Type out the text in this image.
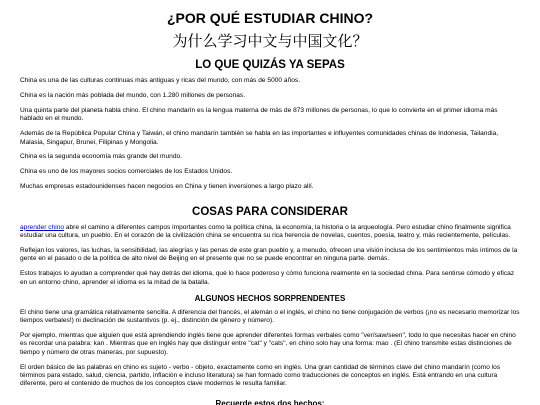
¿POR QUÉ ESTUDIAR CHINO?
为什么学习中文与中国文化？
LO QUE QUIZÁS YA SEPAS

China es una de las culturas continuas más antiguas y ricas del mundo, con más de 5000 años.

China es la nación más poblada del mundo, con 1.280 millones de personas.

Una quinta parte del planeta habla chino. El chino mandarín es la lengua materna de más de 873 millones de personas, lo que lo convierte en el primer idioma más hablado en el mundo.

Además de la República Popular China y Taiwán, el chino mandarín también se habla en las importantes e influyentes comunidades chinas de Indonesia, Tailandia, Malasia, Singapur, Brunei, Filipinas y Mongolia.

China es la segunda economía más grande del mundo.

China es uno de los mayores socios comerciales de los Estados Unidos.

Muchas empresas estadounidenses hacen negocios en China y tienen inversiones a largo plazo allí.

COSAS PARA CONSIDERAR

aprender chino abre el camino a diferentes campos importantes como la política china, la economía, la historia o la arqueología. Pero estudiar chino finalmente significa estudiar una cultura, un pueblo. En el corazón de la civilización china se encuentra su rica herencia de novelas, cuentos, poesía, teatro y, más recientemente, películas.

Reflejan los valores, las luchas, la sensibilidad, las alegrías y las penas de este gran pueblo y, a menudo, ofrecen una visión inclusa de los sentimientos más íntimos de la gente en el pasado o de la política de alto nivel de Beijing en el presente que no se puede encontrar en ninguna parte. demás.

Estos trabajos lo ayudan a comprender qué hay detrás del idioma, qué lo hace poderoso y cómo funciona realmente en la sociedad china. Para sentirse cómodo y eficaz en un entorno chino, aprender el idioma es la mitad de la batalla.

ALGUNOS HECHOS SORPRENDENTES

El chino tiene una gramática relativamente sencilla. A diferencia del francés, el alemán o el inglés, el chino no tiene conjugación de verbos (¡no es necesario memorizar los tiempos verbales!) ni declinación de sustantivos (p. ej., distinción de género y número).

Por ejemplo, mientras que alguien que está aprendiendo inglés tiene que aprender diferentes formas verbales como "ver/saw/seen", todo lo que necesitas hacer en chino es recordar una palabra: kan . Mientras que en inglés hay que distinguir entre "cat" y "cats", en chino solo hay una forma: mao . (El chino transmite estas distinciones de tiempo y número de otras maneras, por supuesto).

El orden básico de las palabras en chino es sujeto - verbo - objeto, exactamente como en inglés. Una gran cantidad de términos clave del chino mandarín (como los términos para estado, salud, ciencia, partido, inflación e incluso literatura) se han formado como traducciones de conceptos en inglés. Está entrando en una cultura diferente, pero el contenido de muchos de los conceptos clave modernos le resulta familiar.

Recuerde estos dos hechos:
